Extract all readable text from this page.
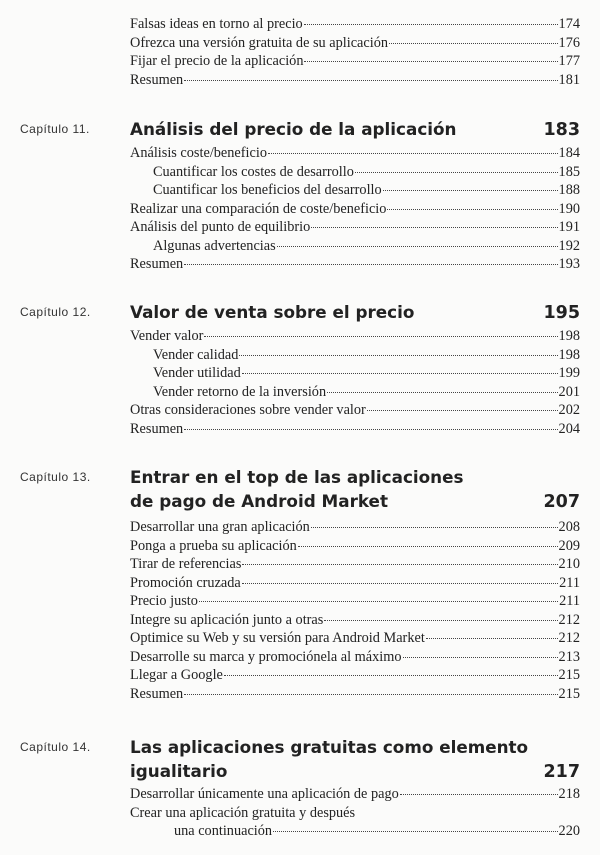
Falsas ideas en torno al precio	174
Ofrezca una versión gratuita de su aplicación	176
Fijar el precio de la aplicación	177
Resumen	181
Capítulo 11. Análisis del precio de la aplicación	183
Análisis coste/beneficio	184
Cuantificar los costes de desarrollo	185
Cuantificar los beneficios del desarrollo	188
Realizar una comparación de coste/beneficio	190
Análisis del punto de equilibrio	191
Algunas advertencias	192
Resumen	193
Capítulo 12. Valor de venta sobre el precio	195
Vender valor	198
Vender calidad	198
Vender utilidad	199
Vender retorno de la inversión	201
Otras consideraciones sobre vender valor	202
Resumen	204
Capítulo 13. Entrar en el top de las aplicaciones
de pago de Android Market	207
Desarrollar una gran aplicación	208
Ponga a prueba su aplicación	209
Tirar de referencias	210
Promoción cruzada	211
Precio justo	211
Integre su aplicación junto a otras	212
Optimice su Web y su versión para Android Market	212
Desarrolle su marca y promociónela al máximo	213
Llegar a Google	215
Resumen	215
Capítulo 14. Las aplicaciones gratuitas como elemento
igualitario	217
Desarrollar únicamente una aplicación de pago	218
Crear una aplicación gratuita y después
una continuación	220
